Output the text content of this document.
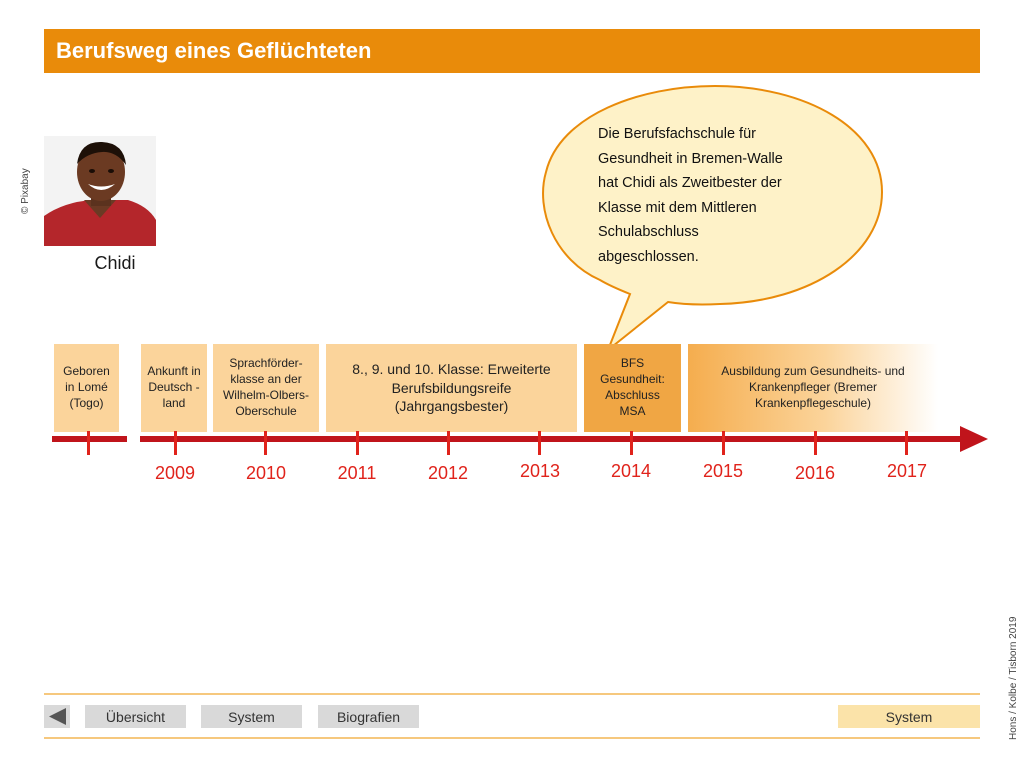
Berufsweg eines Geflüchteten
© Pixabay
Chidi
Die Berufsfachschule für
Gesundheit in Bremen-Walle
hat Chidi als Zweitbester der
Klasse mit dem Mittleren
Schulabschluss
abgeschlossen.
Geboren in Lomé (Togo)
Ankunft in Deutsch -land
Sprachförder-klasse an der Wilhelm-Olbers-Oberschule
8., 9. und 10. Klasse: Erweiterte Berufsbildungsreife (Jahrgangsbester)
BFS Gesundheit: Abschluss MSA
Ausbildung zum Gesundheits- und Krankenpfleger (Bremer Krankenpflegeschule)
2009	2010	2011	2012	2013	2014	2015	2016	2017
Übersicht	System	Biografien	System	Hons / Kolbe / Tisborn 2019
